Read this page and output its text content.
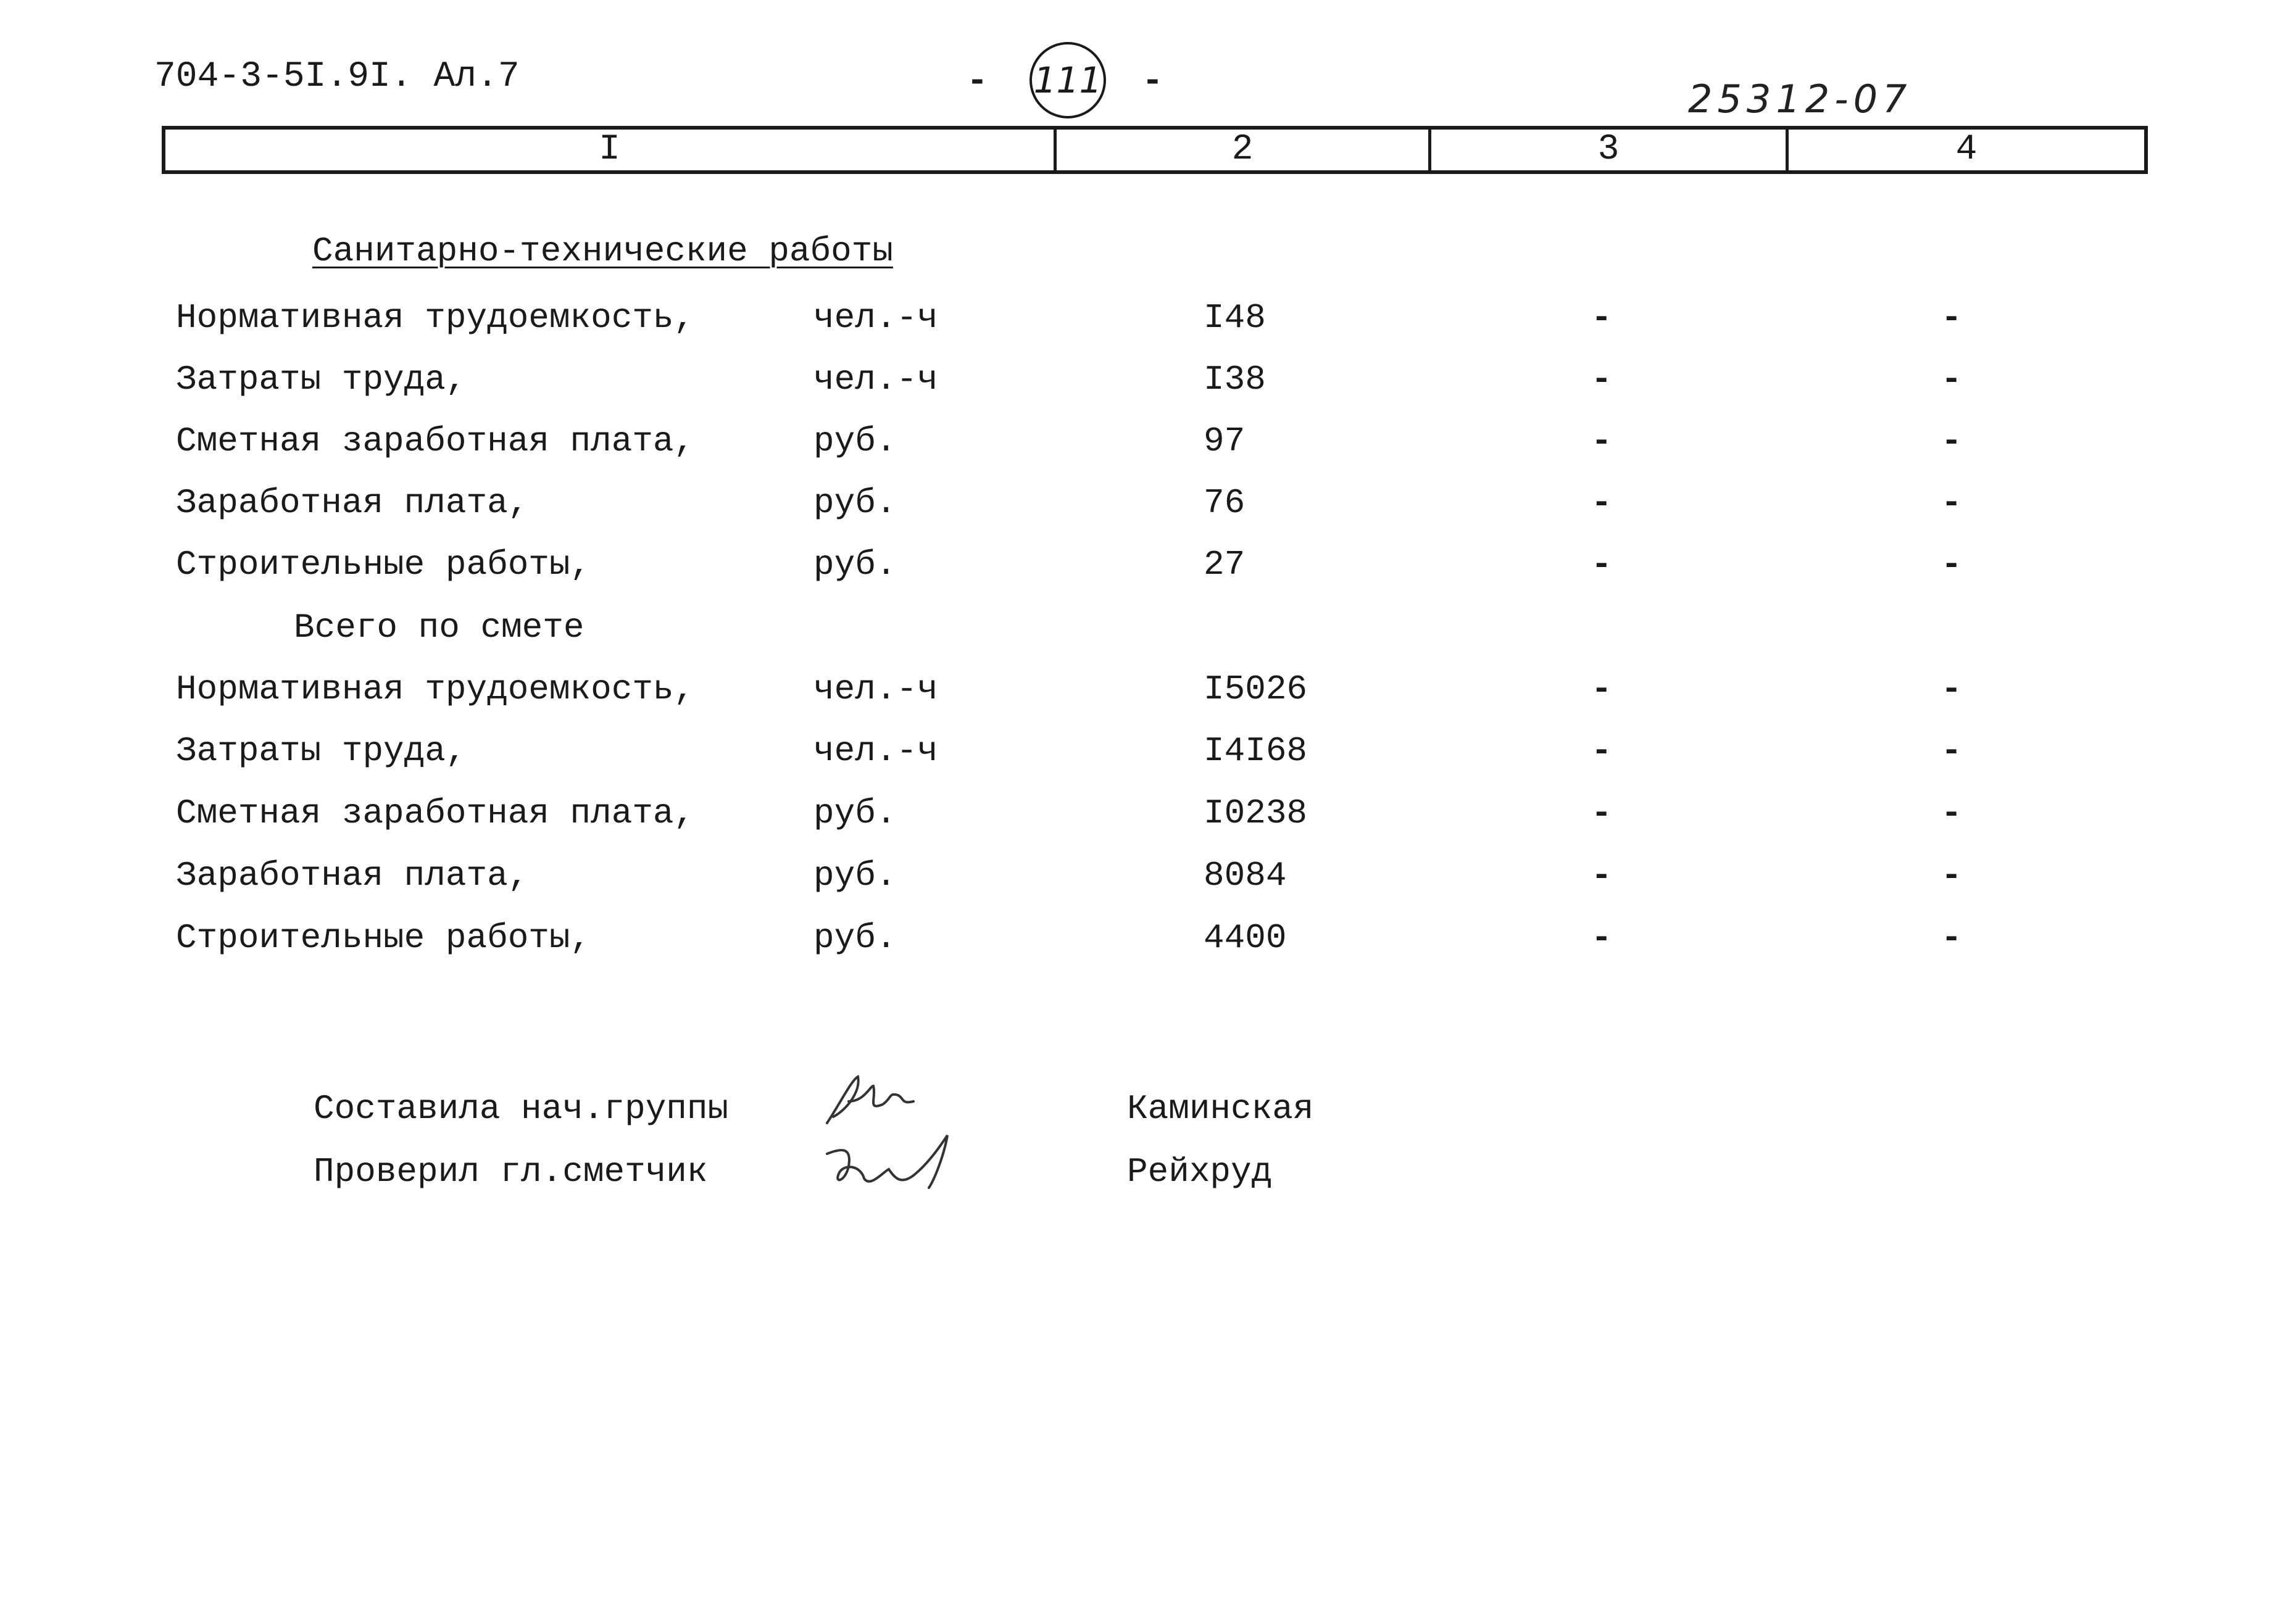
704-3-5I.9I. Ал.7	- 111 -	25312-07
I	2	3	4
Санитарно-технические работы
Нормативная трудоемкость,	чел.-ч	I48	-	-
Затраты труда,	чел.-ч	I38	-	-
Сметная заработная плата,	руб.	97	-	-
Заработная плата,	руб.	76	-	-
Строительные работы,	руб.	27	-	-
Всего по смете
Нормативная трудоемкость,	чел.-ч	I5026	-	-
Затраты труда,	чел.-ч	I4I68	-	-
Сметная заработная плата,	руб.	I0238	-	-
Заработная плата,	руб.	8084	-	-
Строительные работы,	руб.	4400	-	-
Составила нач.группы	Каминская
Проверил гл.сметчик	Рейхруд
